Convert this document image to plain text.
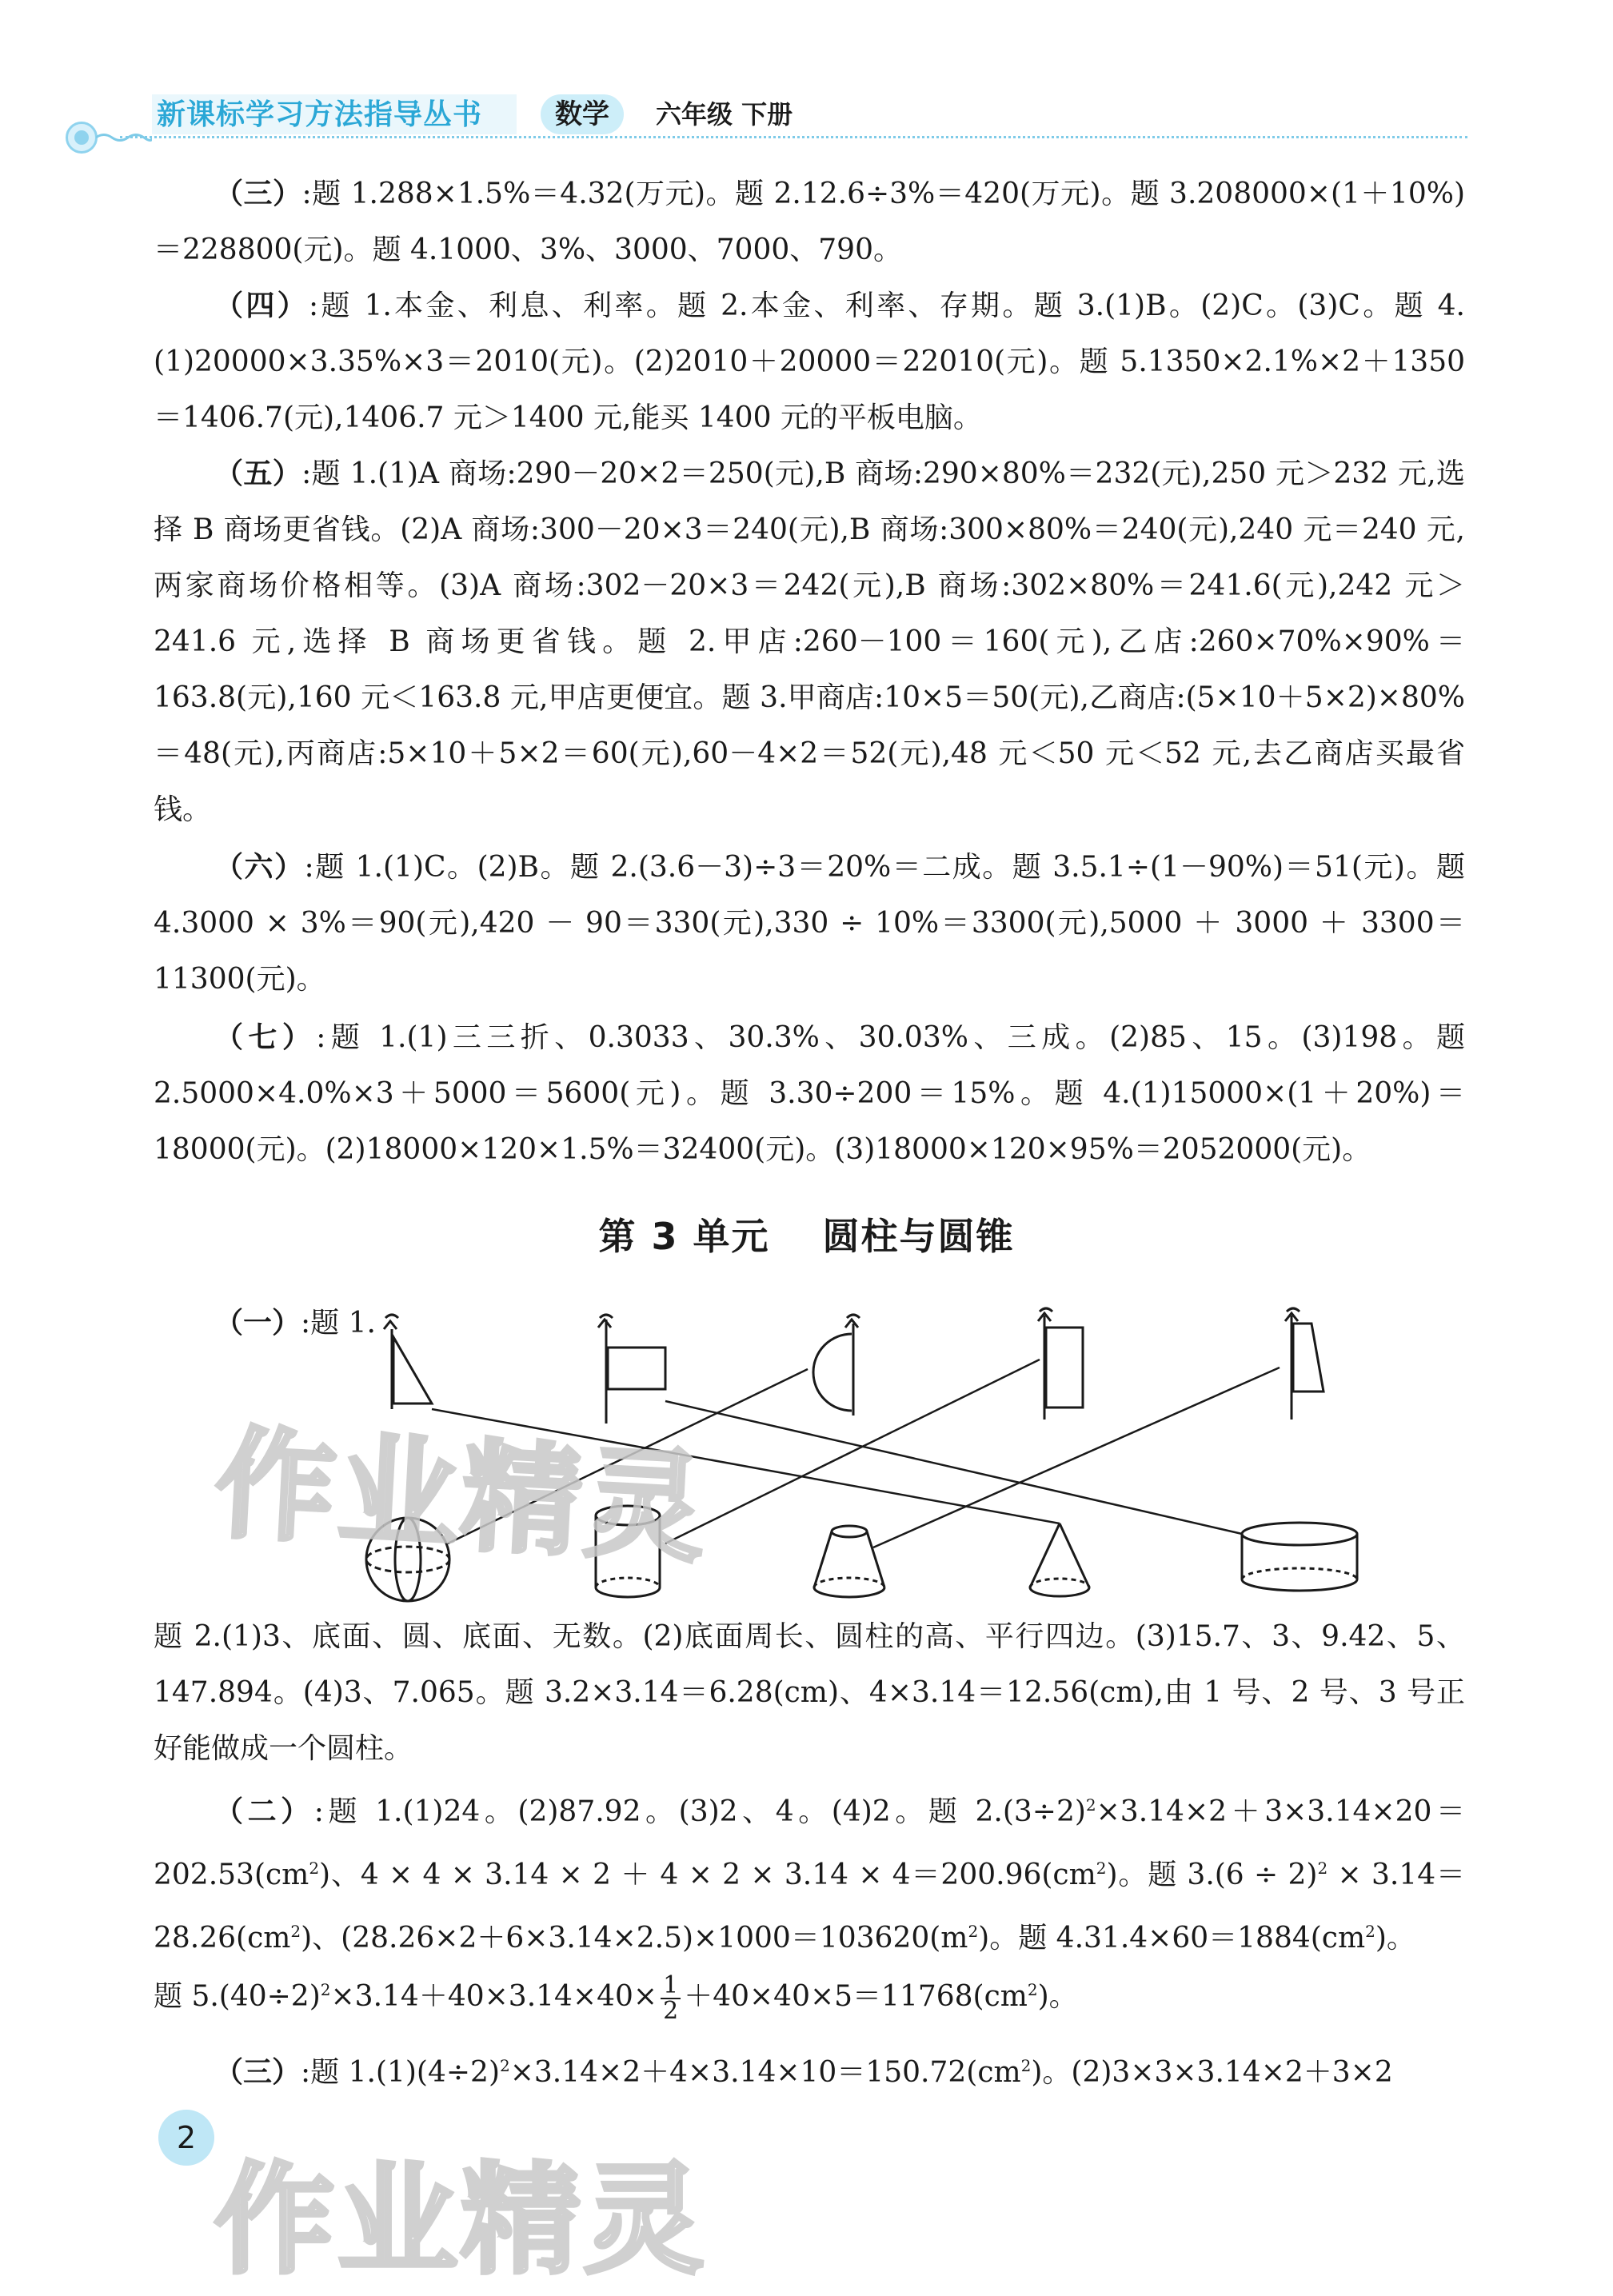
新课标学习方法指导丛书	数学	六年级 下册
（三）:题 1.288×1.5%＝4.32(万元)。题 2.12.6÷3%＝420(万元)。题 3.208000×(1＋10%)＝228800(元)。题 4.1000、3%、3000、7000、790。
（四）:题 1.本金、利息、利率。题 2.本金、利率、存期。题 3.(1)B。(2)C。(3)C。题 4.(1)20000×3.35%×3＝2010(元)。(2)2010＋20000＝22010(元)。题 5.1350×2.1%×2＋1350＝1406.7(元),1406.7 元＞1400 元,能买 1400 元的平板电脑。
（五）:题 1.(1)A 商场:290－20×2＝250(元),B 商场:290×80%＝232(元),250 元＞232 元,选择 B 商场更省钱。(2)A 商场:300－20×3＝240(元),B 商场:300×80%＝240(元),240 元＝240 元,两家商场价格相等。(3)A 商场:302－20×3＝242(元),B 商场:302×80%＝241.6(元),242 元＞241.6 元,选择 B 商场更省钱。题 2.甲店:260－100＝160(元),乙店:260×70%×90%＝163.8(元),160 元＜163.8 元,甲店更便宜。题 3.甲商店:10×5＝50(元),乙商店:(5×10＋5×2)×80%＝48(元),丙商店:5×10＋5×2＝60(元),60－4×2＝52(元),48 元＜50 元＜52 元,去乙商店买最省钱。
（六）:题 1.(1)C。(2)B。题 2.(3.6－3)÷3＝20%＝二成。题 3.5.1÷(1－90%)＝51(元)。题 4.3000 × 3%＝90(元),420 － 90＝330(元),330 ÷ 10%＝3300(元),5000 ＋ 3000 ＋ 3300＝11300(元)。
（七）:题 1.(1)三三折、0.3033、30.3%、30.03%、三成。(2)85、15。(3)198。题 2.5000×4.0%×3＋5000＝5600(元)。题 3.30÷200＝15%。题 4.(1)15000×(1＋20%)＝18000(元)。(2)18000×120×1.5%＝32400(元)。(3)18000×120×95%＝2052000(元)。
第 3 单元　 圆柱与圆锥
（一）:题 1.
题 2.(1)3、底面、圆、底面、无数。(2)底面周长、圆柱的高、平行四边。(3)15.7、3、9.42、5、147.894。(4)3、7.065。题 3.2×3.14＝6.28(cm)、4×3.14＝12.56(cm),由 1 号、2 号、3 号正好能做成一个圆柱。
（二）:题 1.(1)24。(2)87.92。(3)2、4。(4)2。题 $2.(3\div 2)^2\times 3.14\times 2+3\times 3.14\times 20=202.53(cm^2)$、$4 \times 4 \times 3.14 \times 2 + 4 \times 2 \times 3.14 \times 4=200.96(cm^2)$。题 $3.(6 \div 2)^2 \times 3.14=28.26(cm^2)$、$(28.26\times 2+6\times 3.14\times 2.5)\times 1000=103620(m^2)$。题 $4.31.4\times 60=1884(cm^2)$。
题 $5.(40\div 2)^2\times 3.14+40\times 3.14\times 40\times \frac{1}{2} +40\times 40\times 5=11768(cm^2)$。
（三）:题 $1.(1)(4\div 2)^2\times 3.14\times 2+4\times 3.14\times 10=150.72(cm^2)$。(2)3×3×3.14×2＋3×2
作业精灵
作业精灵
2
